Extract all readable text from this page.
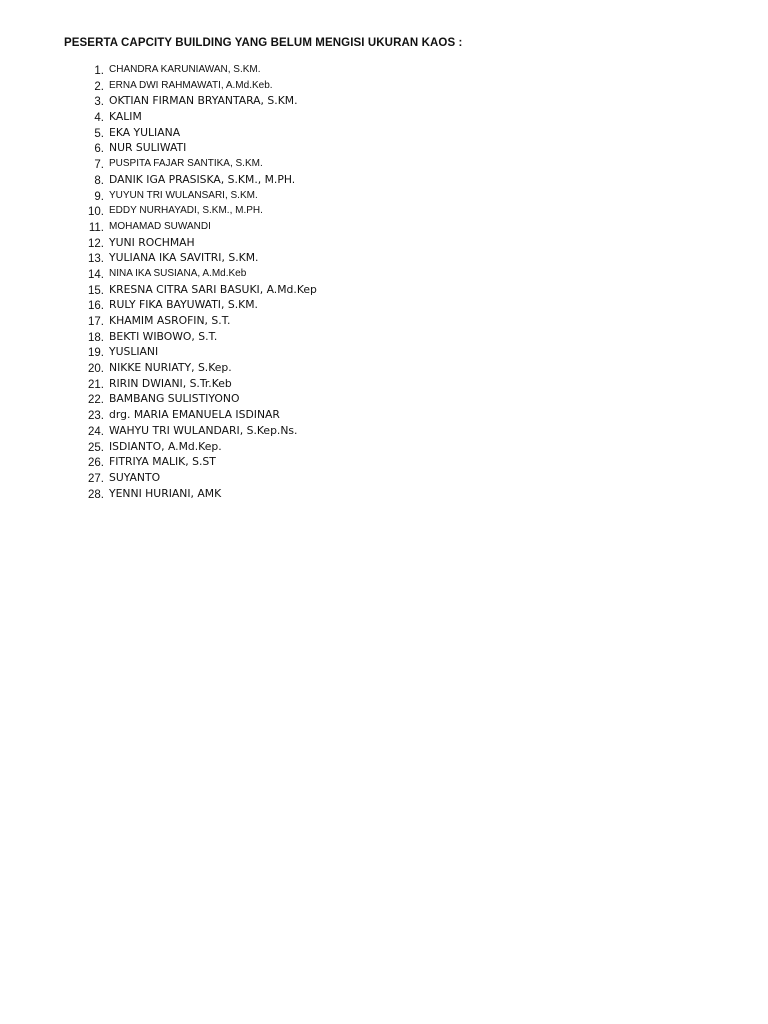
PESERTA CAPCITY BUILDING YANG BELUM MENGISI UKURAN KAOS :
1. CHANDRA KARUNIAWAN, S.KM.
2. ERNA DWI RAHMAWATI, A.Md.Keb.
3. OKTIAN FIRMAN BRYANTARA, S.KM.
4. KALIM
5. EKA YULIANA
6. NUR SULIWATI
7. PUSPITA FAJAR SANTIKA, S.KM.
8. DANIK IGA PRASISKA, S.KM., M.PH.
9. YUYUN TRI WULANSARI, S.KM.
10. EDDY NURHAYADI, S.KM., M.PH.
11. MOHAMAD SUWANDI
12. YUNI ROCHMAH
13. YULIANA IKA SAVITRI, S.KM.
14. NINA IKA SUSIANA, A.Md.Keb
15. KRESNA CITRA SARI BASUKI, A.Md.Kep
16. RULY FIKA BAYUWATI, S.KM.
17. KHAMIM ASROFIN, S.T.
18. BEKTI WIBOWO, S.T.
19. YUSLIANI
20. NIKKE NURIATY, S.Kep.
21. RIRIN DWIANI, S.Tr.Keb
22. BAMBANG SULISTIYONO
23. drg. MARIA EMANUELA ISDINAR
24. WAHYU TRI WULANDARI, S.Kep.Ns.
25. ISDIANTO, A.Md.Kep.
26. FITRIYA MALIK, S.ST
27. SUYANTO
28. YENNI HURIANI, AMK
